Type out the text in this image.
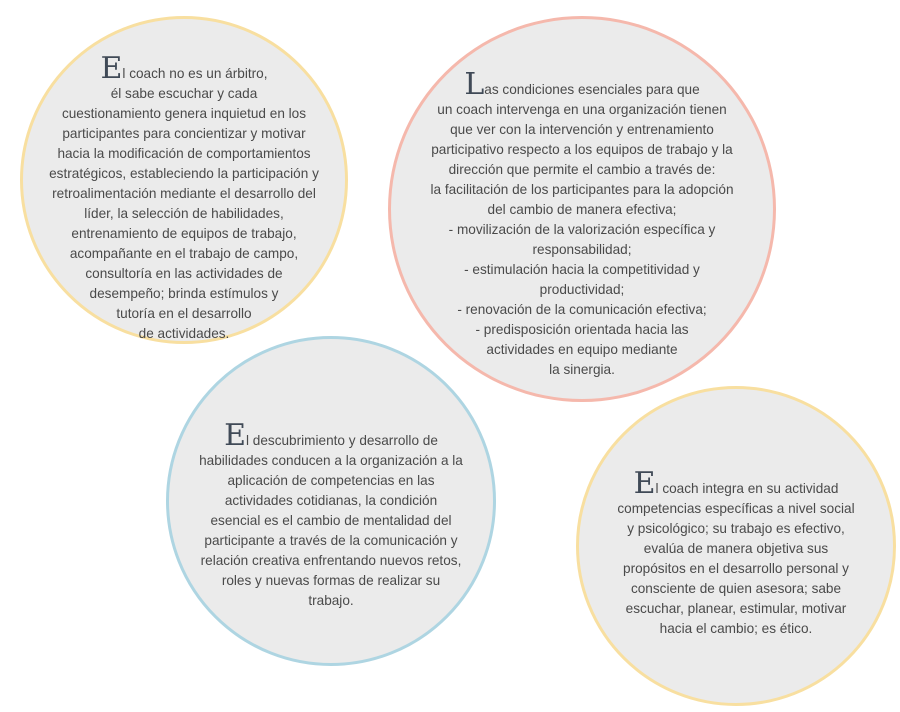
El coach no es un árbitro,
él sabe escuchar y cada
cuestionamiento genera inquietud en los
participantes para concientizar y motivar
hacia la modificación de comportamientos
estratégicos, estableciendo la participación y
retroalimentación mediante el desarrollo del
líder, la selección de habilidades,
entrenamiento de equipos de trabajo,
acompañante en el trabajo de campo,
consultoría en las actividades de
desempeño; brinda estímulos y
tutoría en el desarrollo
de actividades.
Las condiciones esenciales para que
un coach intervenga en una organización tienen
que ver con la intervención y entrenamiento
participativo respecto a los equipos de trabajo y la
dirección que permite el cambio a través de:
la facilitación de los participantes para la adopción
del cambio de manera efectiva;
- movilización de la valorización específica y
responsabilidad;
- estimulación hacia la competitividad y
productividad;
- renovación de la comunicación efectiva;
- predisposición orientada hacia las
actividades en equipo mediante
la sinergia.
El descubrimiento y desarrollo de
habilidades conducen a la organización a la
aplicación de competencias en las
actividades cotidianas, la condición
esencial es el cambio de mentalidad del
participante a través de la comunicación y
relación creativa enfrentando nuevos retos,
roles y nuevas formas de realizar su
trabajo.
El coach integra en su actividad
competencias específicas a nivel social
y psicológico; su trabajo es efectivo,
evalúa de manera objetiva sus
propósitos en el desarrollo personal y
consciente de quien asesora; sabe
escuchar, planear, estimular, motivar
hacia el cambio; es ético.
